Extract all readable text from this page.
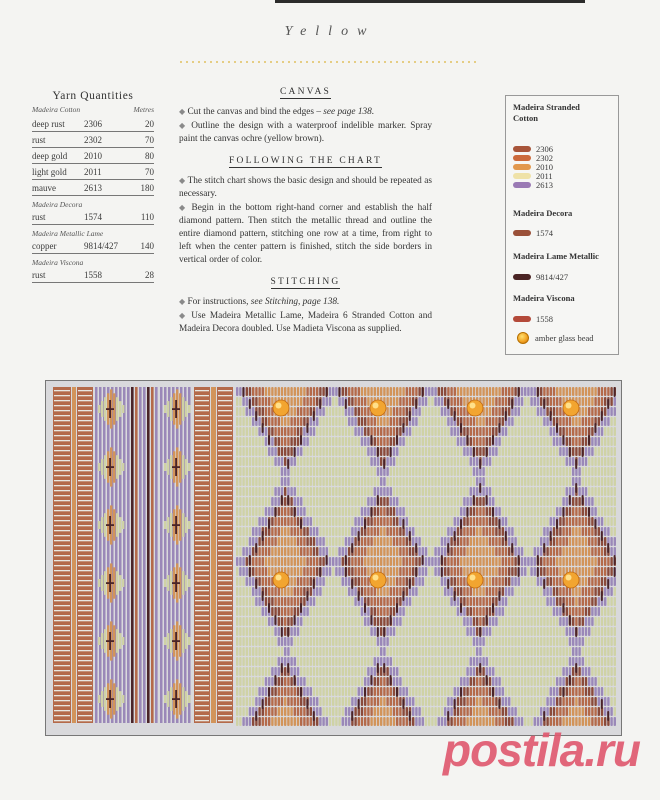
Yellow
Yarn Quantities
Madeira Cotton	Metres
deep rust	2306	20
rust	2302	70
deep gold	2010	80
light gold	2011	70
mauve	2613	180
Madeira Decora
rust	1574	110
Madeira Metallic Lame
copper	9814/427	140
Madeira Viscona
rust	1558	28
CANVAS

◆ Cut the canvas and bind the edges – see page 138.

◆ Outline the design with a waterproof indelible marker. Spray paint the canvas ochre (yellow brown).

FOLLOWING THE CHART

◆ The stitch chart shows the basic design and should be repeated as necessary.

◆ Begin in the bottom right-hand corner and establish the half diamond pattern. Then stitch the metallic thread and outline the entire diamond pattern, stitching one row at a time, from right to left when the center pattern is finished, stitch the side borders in vertical order of color.

STITCHING

◆ For instructions, see Stitching, page 138.

◆ Use Madeira Metallic Lame, Madeira 6 Stranded Cotton and Madeira Decora doubled. Use Madieta Viscona as supplied.

Madeira Stranded Cotton

2306
2302
2010
2011
2613

Madeira Decora

1574

Madeira Lame Metallic

9814/427

Madeira Viscona

1558
amber glass bead
postila.ru
